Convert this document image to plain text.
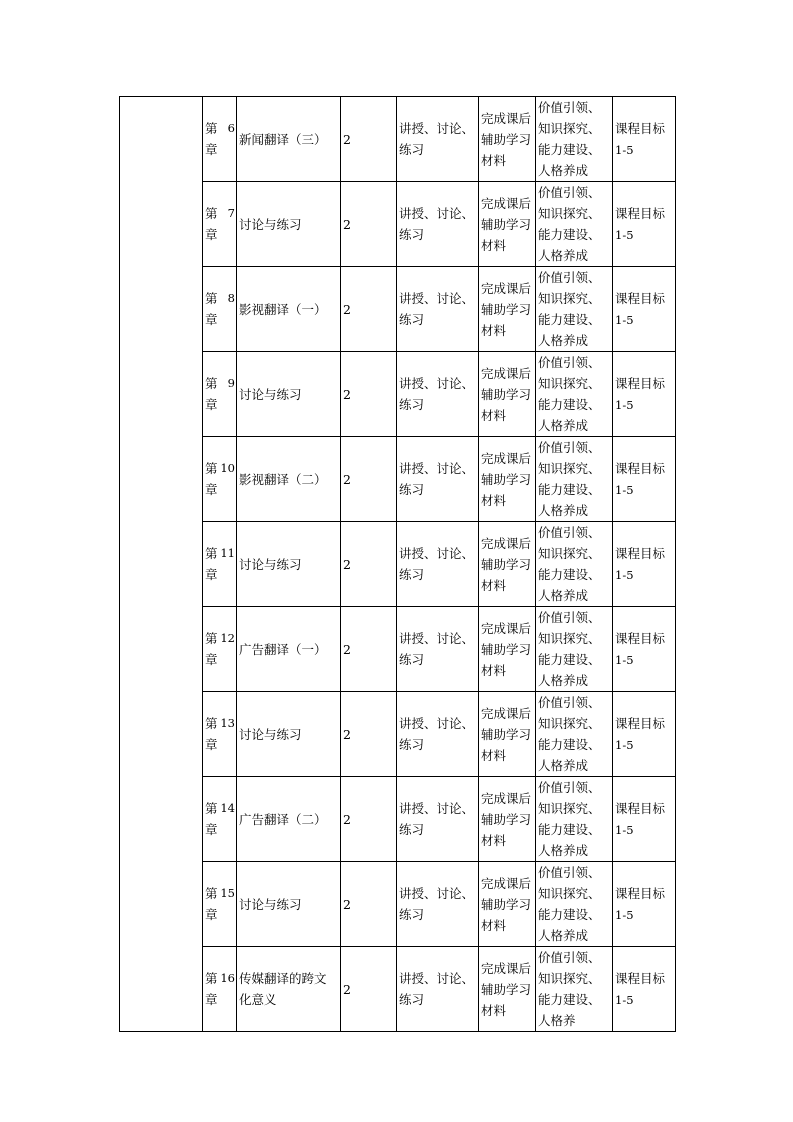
	第 6
章	新闻翻译（三）	2	讲授、讨论、练习	完成课后辅助学习材料	价值引领、知识探究、能力建设、人格养成	课程目标
1-5

	第 7
章	讨论与练习	2	讲授、讨论、练习	完成课后辅助学习材料	价值引领、知识探究、能力建设、人格养成	课程目标
1-5

	第 8
章	影视翻译（一）	2	讲授、讨论、练习	完成课后辅助学习材料	价值引领、知识探究、能力建设、人格养成	课程目标
1-5

	第 9
章	讨论与练习	2	讲授、讨论、练习	完成课后辅助学习材料	价值引领、知识探究、能力建设、人格养成	课程目标
1-5

	第 10
章	影视翻译（二）	2	讲授、讨论、练习	完成课后辅助学习材料	价值引领、知识探究、能力建设、人格养成	课程目标
1-5

	第 11
章	讨论与练习	2	讲授、讨论、练习	完成课后辅助学习材料	价值引领、知识探究、能力建设、人格养成	课程目标
1-5

	第 12
章	广告翻译（一）	2	讲授、讨论、练习	完成课后辅助学习材料	价值引领、知识探究、能力建设、人格养成	课程目标
1-5

	第 13
章	讨论与练习	2	讲授、讨论、练习	完成课后辅助学习材料	价值引领、知识探究、能力建设、人格养成	课程目标
1-5

	第 14
章	广告翻译（二）	2	讲授、讨论、练习	完成课后辅助学习材料	价值引领、知识探究、能力建设、人格养成	课程目标
1-5

	第 15
章	讨论与练习	2	讲授、讨论、练习	完成课后辅助学习材料	价值引领、知识探究、能力建设、人格养成	课程目标
1-5

	第 16
章	传媒翻译的跨文化意义	2	讲授、讨论、练习	完成课后辅助学习材料	价值引领、知识探究、能力建设、人格养	课程目标
1-5
